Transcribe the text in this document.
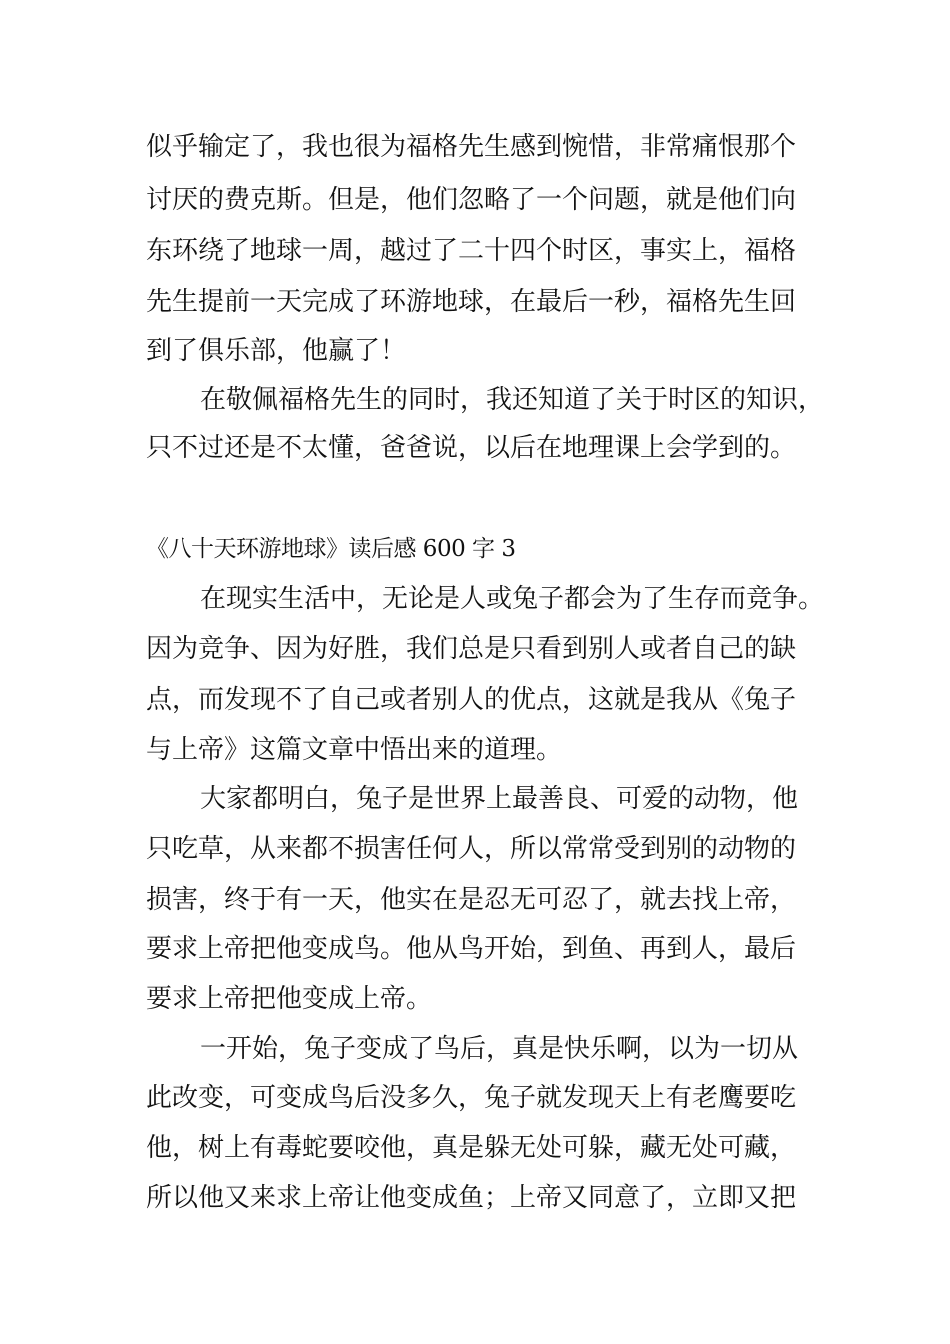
似乎输定了，我也很为福格先生感到惋惜，非常痛恨那个

讨厌的费克斯。但是，他们忽略了一个问题，就是他们向

东环绕了地球一周，越过了二十四个时区，事实上，福格

先生提前一天完成了环游地球，在最后一秒，福格先生回

到了俱乐部，他赢了！

在敬佩福格先生的同时，我还知道了关于时区的知识，

只不过还是不太懂，爸爸说，以后在地理课上会学到的。

《八十天环游地球》读后感 600 字 3

在现实生活中，无论是人或兔子都会为了生存而竞争。

因为竞争、因为好胜，我们总是只看到别人或者自己的缺

点，而发现不了自己或者别人的优点，这就是我从《兔子

与上帝》这篇文章中悟出来的道理。

大家都明白，兔子是世界上最善良、可爱的动物，他

只吃草，从来都不损害任何人，所以常常受到别的动物的

损害，终于有一天，他实在是忍无可忍了，就去找上帝，

要求上帝把他变成鸟。他从鸟开始，到鱼、再到人，最后

要求上帝把他变成上帝。

一开始，兔子变成了鸟后，真是快乐啊，以为一切从

此改变，可变成鸟后没多久，兔子就发现天上有老鹰要吃

他，树上有毒蛇要咬他，真是躲无处可躲，藏无处可藏，

所以他又来求上帝让他变成鱼；上帝又同意了，立即又把
